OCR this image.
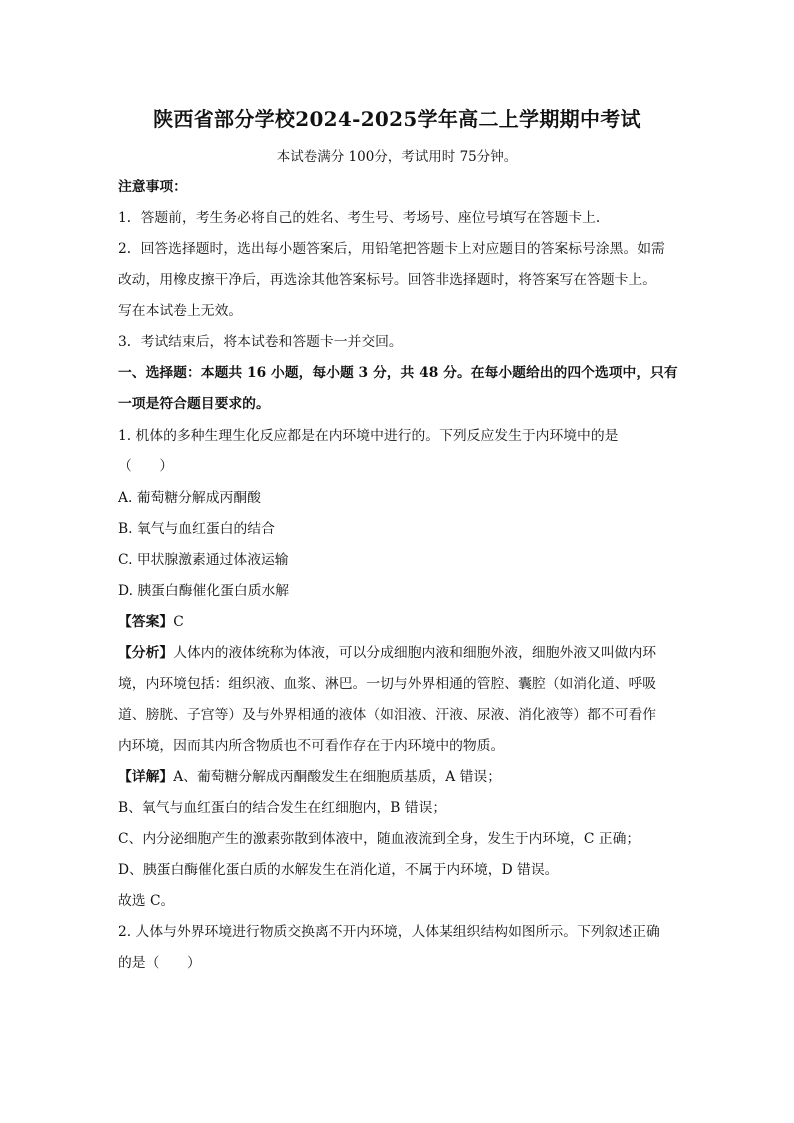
陕西省部分学校2024-2025学年高二上学期期中考试
本试卷满分 100分，考试用时 75分钟。
注意事项：
1．答题前，考生务必将自己的姓名、考生号、考场号、座位号填写在答题卡上．
2．回答选择题时，选出每小题答案后，用铅笔把答题卡上对应题目的答案标号涂黑。如需
改动，用橡皮擦干净后，再选涂其他答案标号。回答非选择题时，将答案写在答题卡上。
写在本试卷上无效。
3．考试结束后，将本试卷和答题卡一并交回。
一、选择题：本题共 16 小题，每小题 3 分，共 48 分。在每小题给出的四个选项中，只有
一项是符合题目要求的。
1. 机体的多种生理生化反应都是在内环境中进行的。下列反应发生于内环境中的是
（　　）
A. 葡萄糖分解成丙酮酸
B. 氧气与血红蛋白的结合
C. 甲状腺激素通过体液运输
D. 胰蛋白酶催化蛋白质水解
【答案】C
【分析】人体内的液体统称为体液，可以分成细胞内液和细胞外液，细胞外液又叫做内环
境，内环境包括：组织液、血浆、淋巴。一切与外界相通的管腔、囊腔（如消化道、呼吸
道、膀胱、子宫等）及与外界相通的液体（如泪液、汗液、尿液、消化液等）都不可看作
内环境，因而其内所含物质也不可看作存在于内环境中的物质。
【详解】A、葡萄糖分解成丙酮酸发生在细胞质基质，A 错误；
B、氧气与血红蛋白的结合发生在红细胞内，B 错误；
C、内分泌细胞产生的激素弥散到体液中，随血液流到全身，发生于内环境，C 正确；
D、胰蛋白酶催化蛋白质的水解发生在消化道，不属于内环境，D 错误。
故选 C。
2. 人体与外界环境进行物质交换离不开内环境，人体某组织结构如图所示。下列叙述正确
的是（　　）
